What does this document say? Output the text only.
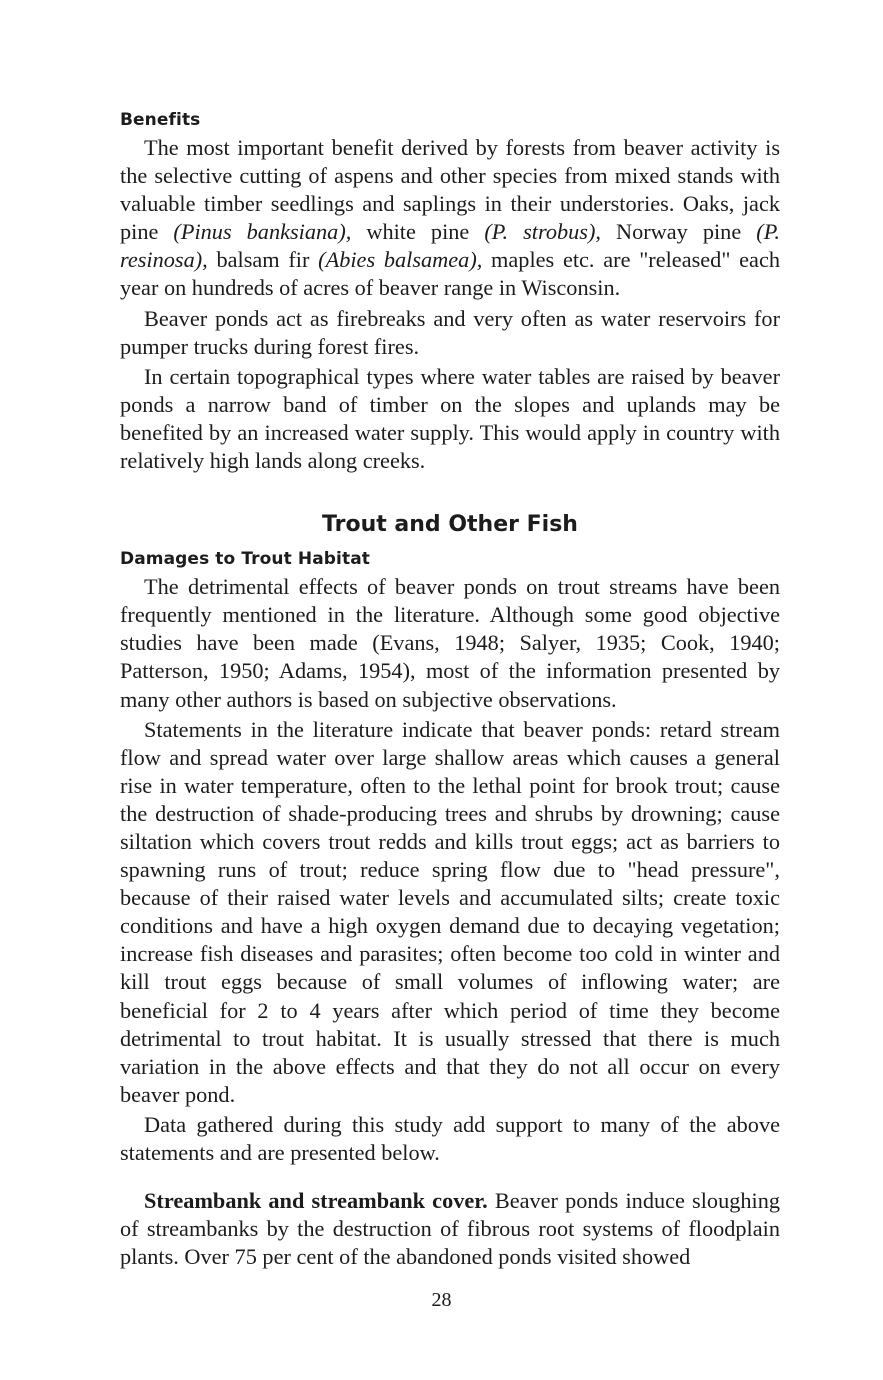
Benefits

The most important benefit derived by forests from beaver activity is the selective cutting of aspens and other species from mixed stands with valuable timber seedlings and saplings in their understories. Oaks, jack pine (Pinus banksiana), white pine (P. strobus), Norway pine (P. resinosa), balsam fir (Abies balsamea), maples etc. are "released" each year on hundreds of acres of beaver range in Wisconsin.

Beaver ponds act as firebreaks and very often as water reservoirs for pumper trucks during forest fires.

In certain topographical types where water tables are raised by beaver ponds a narrow band of timber on the slopes and uplands may be benefited by an increased water supply. This would apply in country with relatively high lands along creeks.

Trout and Other Fish
Damages to Trout Habitat

The detrimental effects of beaver ponds on trout streams have been frequently mentioned in the literature. Although some good objective studies have been made (Evans, 1948; Salyer, 1935; Cook, 1940; Patterson, 1950; Adams, 1954), most of the information presented by many other authors is based on subjective observations.

Statements in the literature indicate that beaver ponds: retard stream flow and spread water over large shallow areas which causes a general rise in water temperature, often to the lethal point for brook trout; cause the destruction of shade-producing trees and shrubs by drowning; cause siltation which covers trout redds and kills trout eggs; act as barriers to spawning runs of trout; reduce spring flow due to "head pressure", because of their raised water levels and accumulated silts; create toxic conditions and have a high oxygen demand due to decaying vegetation; increase fish diseases and parasites; often become too cold in winter and kill trout eggs because of small volumes of inflowing water; are beneficial for 2 to 4 years after which period of time they become detrimental to trout habitat. It is usually stressed that there is much variation in the above effects and that they do not all occur on every beaver pond.

Data gathered during this study add support to many of the above statements and are presented below.

Streambank and streambank cover. Beaver ponds induce sloughing of streambanks by the destruction of fibrous root systems of floodplain plants. Over 75 per cent of the abandoned ponds visited showed

28
